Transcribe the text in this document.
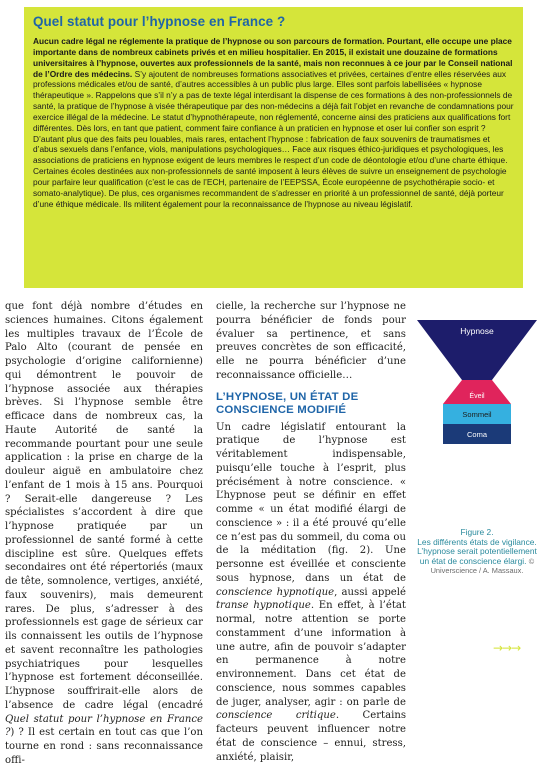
Quel statut pour l’hypnose en France ?

Aucun cadre légal ne réglemente la pratique de l’hypnose ou son parcours de formation. Pourtant, elle occupe une place importante dans de nombreux cabinets privés et en milieu hospitalier. En 2015, il existait une douzaine de formations universitaires à l’hypnose, ouvertes aux professionnels de la santé, mais non reconnues à ce jour par le Conseil national de l’Ordre des médecins. S’y ajoutent de nombreuses formations associatives et privées, certaines d’entre elles réservées aux professions médicales et/ou de santé, d’autres accessibles à un public plus large. Elles sont parfois labellisées « hypnose thérapeutique ». Rappelons que s’il n’y a pas de texte légal interdisant la dispense de ces formations à des non-professionnels de santé, la pratique de l’hypnose à visée thérapeutique par des non-médecins a déjà fait l’objet en revanche de condamnations pour exercice illégal de la médecine. Le statut d’hypnothérapeute, non réglementé, concerne ainsi des praticiens aux qualifications fort différentes. Dès lors, en tant que patient, comment faire confiance à un praticien en hypnose et oser lui confier son esprit ? D’autant plus que des faits peu louables, mais rares, entachent l’hypnose : fabrication de faux souvenirs de traumatismes et d’abus sexuels dans l’enfance, viols, manipulations psychologiques… Face aux risques éthico-juridiques et psychologiques, les associations de praticiens en hypnose exigent de leurs membres le respect d’un code de déontologie et/ou d’une charte éthique. Certaines écoles destinées aux non-professionnels de santé imposent à leurs élèves de suivre un enseignement de psychologie pour parfaire leur qualification (c’est le cas de l’ECH, partenaire de l’EEPSSA, École européenne de psychothérapie socio- et somato-analytique). De plus, ces organismes recommandent de s’adresser en priorité à un professionnel de santé, déjà porteur d’une éthique médicale. Ils militent également pour la reconnaissance de l’hypnose au niveau législatif.

que font déjà nombre d’études en sciences humaines. Citons également les multiples travaux de l’École de Palo Alto (courant de pensée en psychologie d’origine californienne) qui démontrent le pouvoir de l’hypnose associée aux thérapies brèves. Si l’hypnose semble être efficace dans de nombreux cas, la Haute Autorité de santé la recommande pourtant pour une seule application : la prise en charge de la douleur aiguë en ambulatoire chez l’enfant de 1 mois à 15 ans. Pourquoi ? Serait-elle dangereuse ? Les spécialistes s’accordent à dire que l’hypnose pratiquée par un professionnel de santé formé à cette discipline est sûre. Quelques effets secondaires ont été répertoriés (maux de tête, somnolence, vertiges, anxiété, faux souvenirs), mais demeurent rares. De plus, s’adresser à des professionnels est gage de sérieux car ils connaissent les outils de l’hypnose et savent reconnaître les pathologies psychiatriques pour lesquelles l’hypnose est fortement déconseillée. L’hypnose souffrirait-elle alors de l’absence de cadre légal (encadré Quel statut pour l’hypnose en France ?) ? Il est certain en tout cas que l’on tourne en rond : sans reconnaissance offi-

cielle, la recherche sur l’hypnose ne pourra bénéficier de fonds pour évaluer sa pertinence, et sans preuves concrètes de son efficacité, elle ne pourra bénéficier d’une reconnaissance officielle…

L’HYPNOSE, UN ÉTAT DE CONSCIENCE MODIFIÉ

Un cadre législatif entourant la pratique de l’hypnose est véritablement indispensable, puisqu’elle touche à l’esprit, plus précisément à notre conscience. « L’hypnose peut se définir en effet comme « un état modifié élargi de conscience » : il a été prouvé qu’elle ce n’est pas du sommeil, du coma ou de la méditation (fig. 2). Une personne est éveillée et consciente sous hypnose, dans un état de conscience hypnotique, aussi appelé transe hypnotique. En effet, à l’état normal, notre attention se porte constamment d’une information à une autre, afin de pouvoir s’adapter en permanence à notre environnement. Dans cet état de conscience, nous sommes capables de juger, analyser, agir : on parle de conscience critique. Certains facteurs peuvent influencer notre état de conscience – ennui, stress, anxiété, plaisir,

Hypnose
Éveil
Sommeil
Coma
Figure 2.
Les différents états de vigilance. L’hypnose serait potentiellement un état de conscience élargi. © Universcience / A. Massaux.
→→→
